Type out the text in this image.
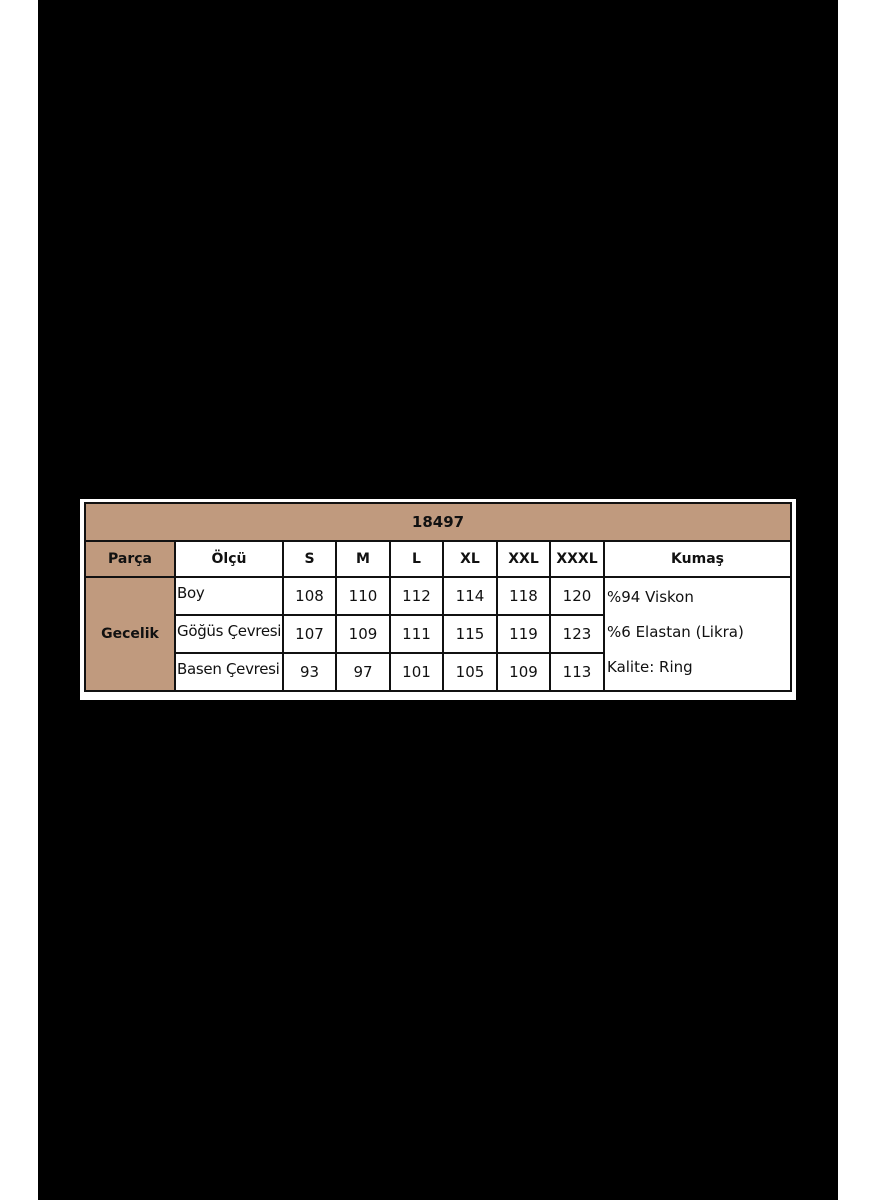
18497								
Parça	Ölçü	S	M	L	XL	XXL	XXXL	Kumaş
Gecelik	Boy	108	110	112	114	118	120	%94 Viskon
%6 Elastan (Likra)
Kalite: Ring

	Göğüs Çevresi	107	109	111	115	119	123	
	Basen Çevresi	93	97	101	105	109	113	
